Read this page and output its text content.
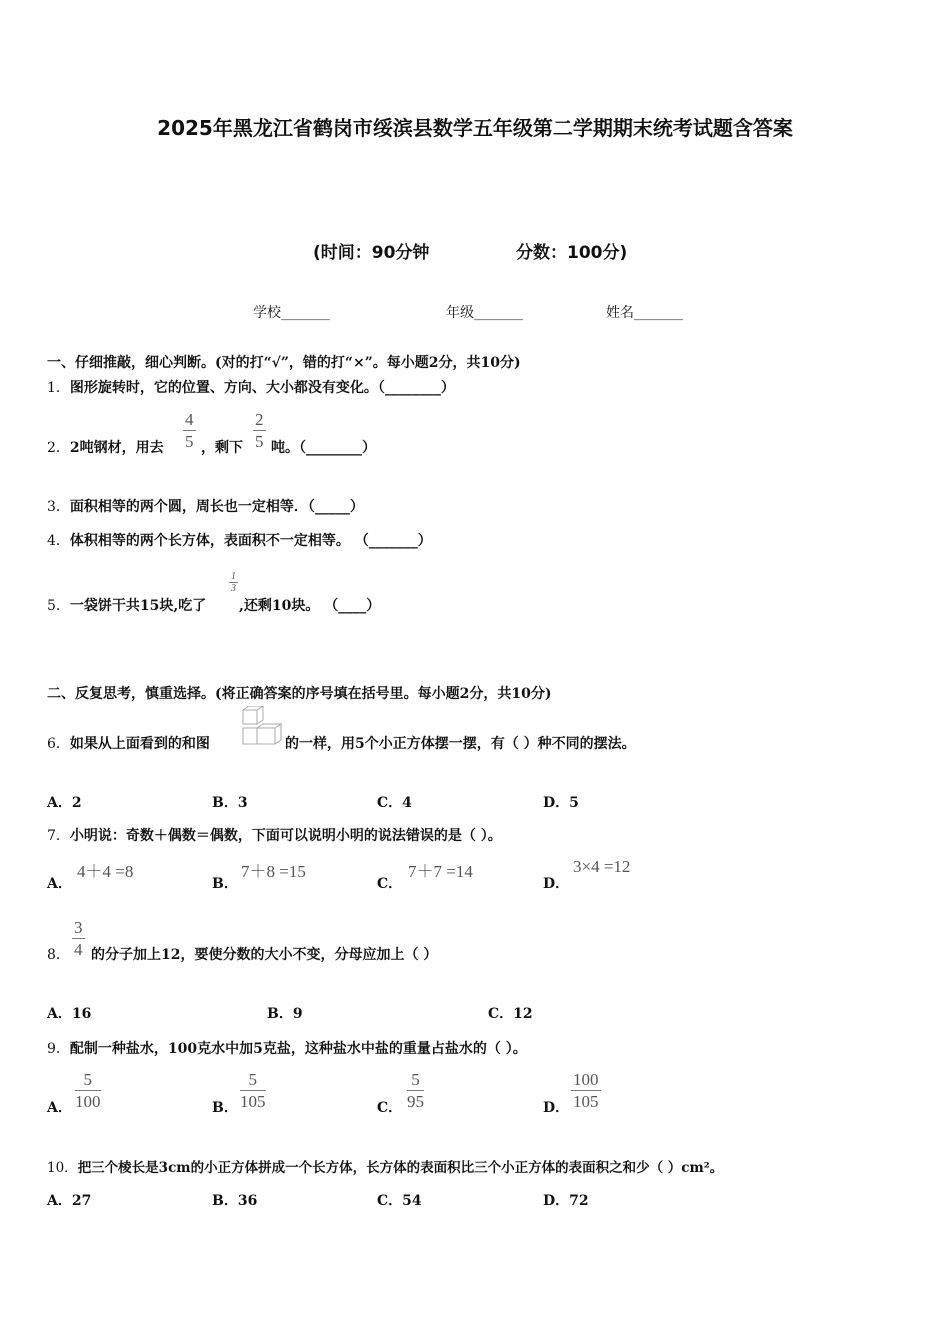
2025年黑龙江省鹤岗市绥滨县数学五年级第二学期期末统考试题含答案
(时间：90分钟	分数：100分)
学校_______	年级_______	姓名_______
一、仔细推敲，细心判断。(对的打“√”，错的打“×”。每小题2分，共10分)
1．图形旋转时，它的位置、方向、大小都没有变化。（________）
2．2吨钢材，用去 $\frac{4}{5}$ ，剩下 $\frac{2}{5}$ 吨。（________）
3．面积相等的两个圆，周长也一定相等．（_____）
4．体积相等的两个长方体，表面积不一定相等。 （_______）
5．一袋饼干共15块,吃了
$\frac{1}{3}$
,还剩10块。 （____）
二、反复思考，慎重选择。(将正确答案的序号填在括号里。每小题2分，共10分)
6．如果从上面看到的和图	的一样，用5个小正方体摆一摆，有（ ）种不同的摆法。
A．2	B．3	C．4	D．5
7．小明说：奇数＋偶数＝偶数，下面可以说明小明的说法错误的是（ ）。
A．
4＋4 =8
B．
7＋8 =15
C．
7＋7 =14
D．
3×4 =12
8． $\frac{3}{4}$ 的分子加上12，要使分数的大小不变，分母应加上（ ）
A．16	B．9	C．12
9．配制一种盐水，100克水中加5克盐，这种盐水中盐的重量占盐水的（ ）。
A． $\frac{5}{100}$	B． $\frac{5}{105}$	C． $\frac{5}{95}$	D． $\frac{100}{105}$
10．把三个棱长是3cm的小正方体拼成一个长方体，长方体的表面积比三个小正方体的表面积之和少（ ）cm²。
A．27	B．36	C．54	D．72
